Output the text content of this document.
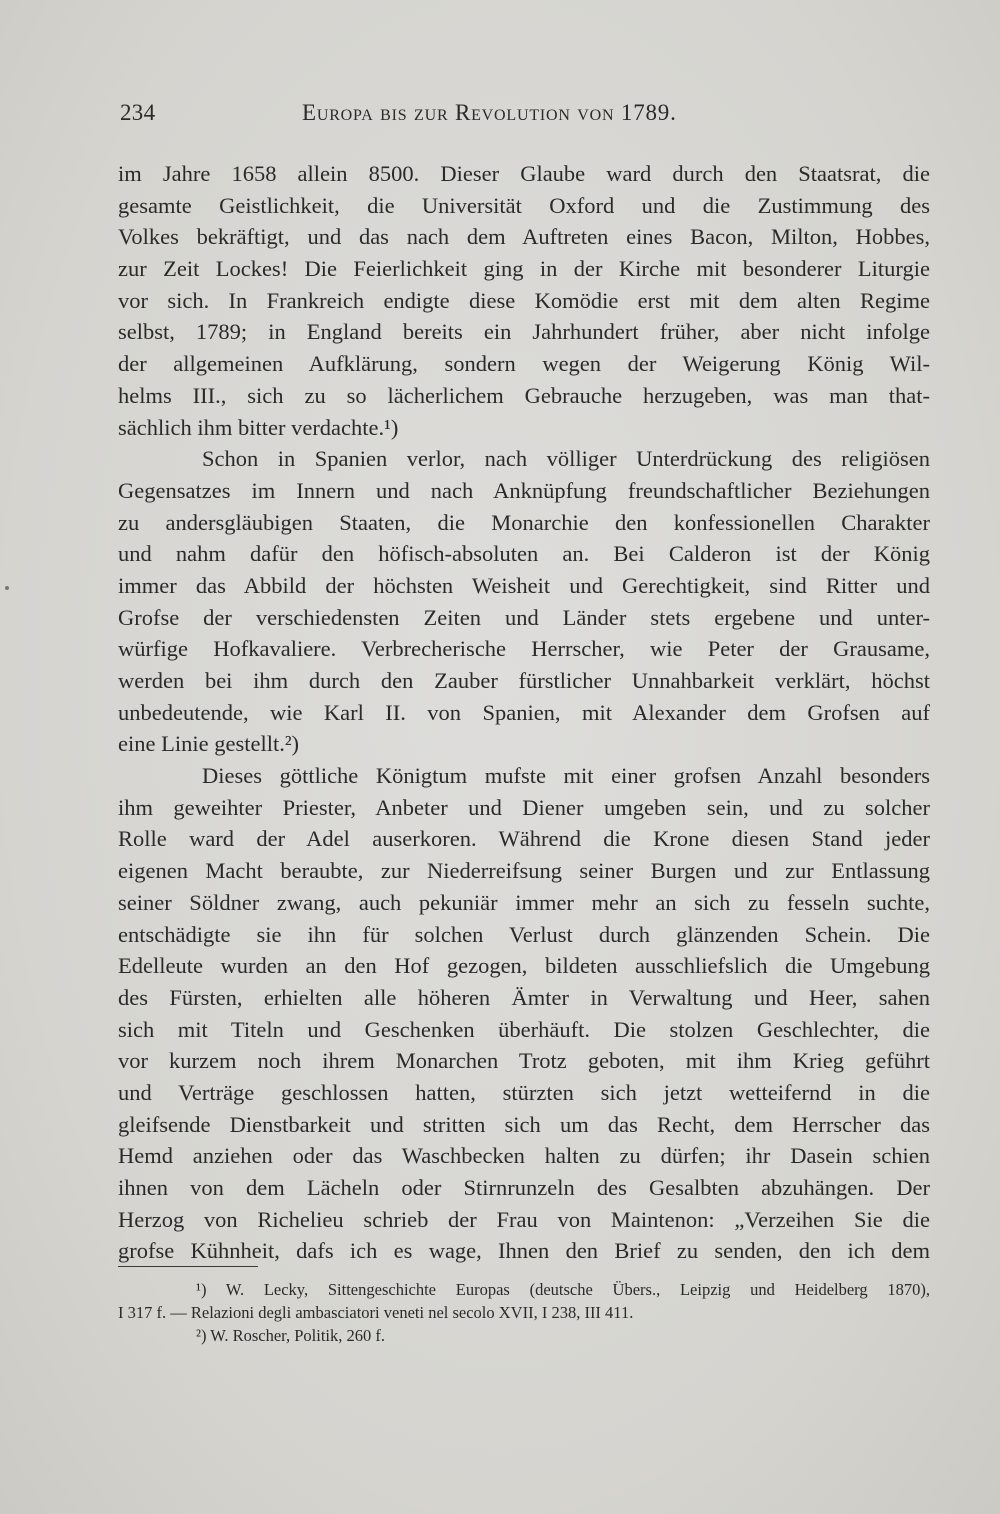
234	Europa bis zur Revolution von 1789.
im Jahre 1658 allein 8500. Dieser Glaube ward durch den Staatsrat, die
gesamte Geistlichkeit, die Universität Oxford und die Zustimmung des
Volkes bekräftigt, und das nach dem Auftreten eines Bacon, Milton, Hobbes,
zur Zeit Lockes! Die Feierlichkeit ging in der Kirche mit besonderer Liturgie
vor sich. In Frankreich endigte diese Komödie erst mit dem alten Regime
selbst, 1789; in England bereits ein Jahrhundert früher, aber nicht infolge
der allgemeinen Aufklärung, sondern wegen der Weigerung König Wil-
helms III., sich zu so lächerlichem Gebrauche herzugeben, was man that-
sächlich ihm bitter verdachte.¹)
Schon in Spanien verlor, nach völliger Unterdrückung des religiösen
Gegensatzes im Innern und nach Anknüpfung freundschaftlicher Beziehungen
zu andersgläubigen Staaten, die Monarchie den konfessionellen Charakter
und nahm dafür den höfisch-absoluten an. Bei Calderon ist der König
immer das Abbild der höchsten Weisheit und Gerechtigkeit, sind Ritter und
Grofse der verschiedensten Zeiten und Länder stets ergebene und unter-
würfige Hofkavaliere. Verbrecherische Herrscher, wie Peter der Grausame,
werden bei ihm durch den Zauber fürstlicher Unnahbarkeit verklärt, höchst
unbedeutende, wie Karl II. von Spanien, mit Alexander dem Grofsen auf
eine Linie gestellt.²)
Dieses göttliche Königtum mufste mit einer grofsen Anzahl besonders
ihm geweihter Priester, Anbeter und Diener umgeben sein, und zu solcher
Rolle ward der Adel auserkoren. Während die Krone diesen Stand jeder
eigenen Macht beraubte, zur Niederreifsung seiner Burgen und zur Entlassung
seiner Söldner zwang, auch pekuniär immer mehr an sich zu fesseln suchte,
entschädigte sie ihn für solchen Verlust durch glänzenden Schein. Die
Edelleute wurden an den Hof gezogen, bildeten ausschliefslich die Umgebung
des Fürsten, erhielten alle höheren Ämter in Verwaltung und Heer, sahen
sich mit Titeln und Geschenken überhäuft. Die stolzen Geschlechter, die
vor kurzem noch ihrem Monarchen Trotz geboten, mit ihm Krieg geführt
und Verträge geschlossen hatten, stürzten sich jetzt wetteifernd in die
gleifsende Dienstbarkeit und stritten sich um das Recht, dem Herrscher das
Hemd anziehen oder das Waschbecken halten zu dürfen; ihr Dasein schien
ihnen von dem Lächeln oder Stirnrunzeln des Gesalbten abzuhängen. Der
Herzog von Richelieu schrieb der Frau von Maintenon: „Verzeihen Sie die
grofse Kühnheit, dafs ich es wage, Ihnen den Brief zu senden, den ich dem
¹) W. Lecky, Sittengeschichte Europas (deutsche Übers., Leipzig und Heidelberg 1870),
I 317 f. — Relazioni degli ambasciatori veneti nel secolo XVII, I 238, III 411.
²) W. Roscher, Politik, 260 f.
